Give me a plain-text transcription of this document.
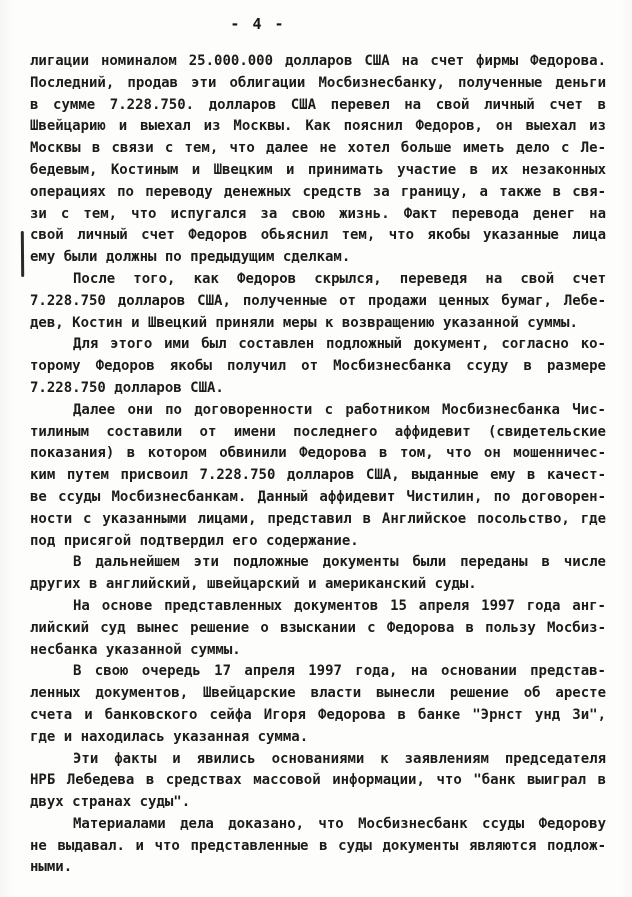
- 4 -
лигации номиналом 25.000.000 долларов США на счет фирмы Федорова.
Последний, продав эти облигации Мосбизнесбанку, полученные деньги
в сумме 7.228.750. долларов США перевел на свой личный счет в
Швейцарию и выехал из Москвы. Как пояснил Федоров, он выехал из
Москвы в связи с тем, что далее не хотел больше иметь дело с Ле-
бедевым, Костиным и Швецким и принимать участие в их незаконных
операциях по переводу денежных средств за границу, а также в свя-
зи с тем, что испугался за свою жизнь. Факт перевода денег на
свой личный счет Федоров обьяснил тем, что якобы указанные лица
ему были должны по предыдущим сделкам.
После того, как Федоров скрылся, переведя на свой счет
7.228.750 долларов США, полученные от продажи ценных бумаг, Лебе-
дев, Костин и Швецкий приняли меры к возвращению указанной суммы.
Для этого ими был составлен подложный документ, согласно ко-
торому Федоров якобы получил от Мосбизнесбанка ссуду в размере
7.228.750 долларов США.
Далее они по договоренности с работником Мосбизнесбанка Чис-
тилиным составили от имени последнего аффидевит (свидетельские
показания) в котором обвинили Федорова в том, что он мошенничес-
ким путем присвоил 7.228.750 долларов США, выданные ему в качест-
ве ссуды Мосбизнесбанкам. Данный аффидевит Чистилин, по договорен-
ности с указанными лицами, представил в Английское посольство, где
под присягой подтвердил его содержание.
В дальнейшем эти подложные документы были переданы в числе
других в английский, швейцарский и американский суды.
На основе представленных документов 15 апреля 1997 года анг-
лийский суд вынес решение о взыскании с Федорова в пользу Мосбиз-
несбанка указанной суммы.
В свою очередь 17 апреля 1997 года, на основании представ-
ленных документов, Швейцарские власти вынесли решение об аресте
счета и банковского сейфа Игоря Федорова в банке "Эрнст унд Зи",
где и находилась указанная сумма.
Эти факты и явились основаниями к заявлениям председателя
НРБ Лебедева в средствах массовой информации, что "банк выиграл в
двух странах суды".
Материалами дела доказано, что Мосбизнесбанк ссуды Федорову
не выдавал. и что представленные в суды документы являются подлож-
ными.
